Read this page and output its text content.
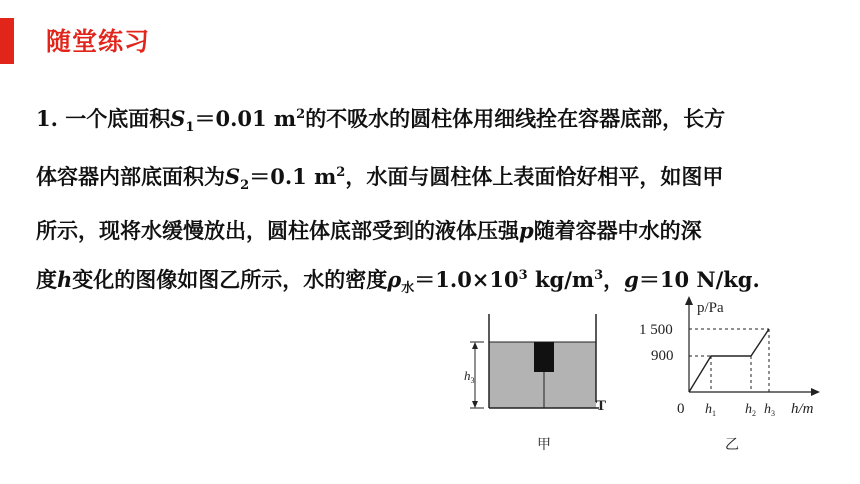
随堂练习
1. 一个底面积$S_1=0.01$ $m^2$的不吸水的圆柱体用细线拴在容器底部，长方
体容器内部底面积为$S_2=0.1$ $m^2$，水面与圆柱体上表面恰好相平，如图甲
所示，现将水缓慢放出，圆柱体底部受到的液体压强p随着容器中水的深
度h变化的图像如图乙所示，水的密度$\rho_水=1.0\times 10^3$ $kg/m^3$，g＝10 N/kg.
$h_3$
T
甲
p/Pa
h/m
0
1 500
900
$h_1$ $h_2$ $h_3$
乙
